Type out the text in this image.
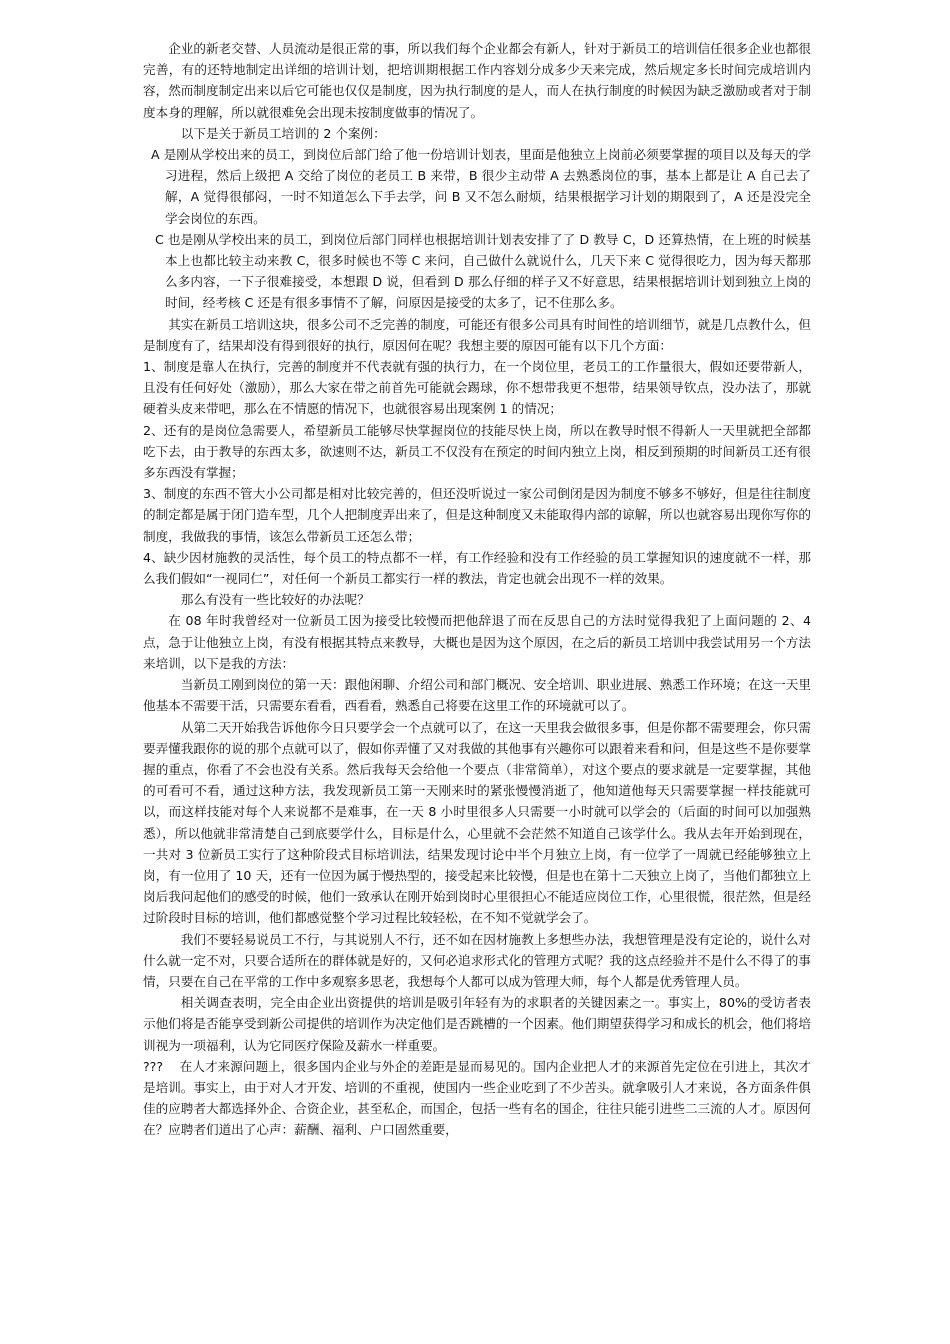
企业的新老交替、人员流动是很正常的事，所以我们每个企业都会有新人，针对于新员工的培训信任很多企业也都很完善，有的还特地制定出详细的培训计划，把培训期根据工作内容划分成多少天来完成，然后规定多长时间完成培训内容，然而制度制定出来以后它可能也仅仅是制度，因为执行制度的是人，而人在执行制度的时候因为缺乏激励或者对于制度本身的理解，所以就很难免会出现未按制度做事的情况了。

以下是关于新员工培训的 2 个案例：

A 是刚从学校出来的员工，到岗位后部门给了他一份培训计划表，里面是他独立上岗前必须要掌握的项目以及每天的学习进程，然后上级把 A 交给了岗位的老员工 B 来带，B 很少主动带 A 去熟悉岗位的事，基本上都是让 A 自己去了解，A 觉得很郁闷，一时不知道怎么下手去学，问 B 又不怎么耐烦，结果根据学习计划的期限到了，A 还是没完全学会岗位的东西。

C 也是刚从学校出来的员工，到岗位后部门同样也根据培训计划表安排了了 D 教导 C，D 还算热情，在上班的时候基本上也都比较主动来教 C，很多时候也不等 C 来问，自己做什么就说什么，几天下来 C 觉得很吃力，因为每天都那么多内容，一下子很难接受，本想跟 D 说，但看到 D 那么仔细的样子又不好意思，结果根据培训计划到独立上岗的时间，经考核 C 还是有很多事情不了解，问原因是接受的太多了，记不住那么多。

其实在新员工培训这块，很多公司不乏完善的制度，可能还有很多公司具有时间性的培训细节，就是几点教什么，但是制度有了，结果却没有得到很好的执行，原因何在呢？我想主要的原因可能有以下几个方面：

1、制度是靠人在执行，完善的制度并不代表就有强的执行力，在一个岗位里，老员工的工作量很大，假如还要带新人，且没有任何好处（激励），那么大家在带之前首先可能就会踢球，你不想带我更不想带，结果领导钦点，没办法了，那就硬着头皮来带吧，那么在不情愿的情况下，也就很容易出现案例 1 的情况；

2、还有的是岗位急需要人，希望新员工能够尽快掌握岗位的技能尽快上岗，所以在教导时恨不得新人一天里就把全部都吃下去，由于教导的东西太多，欲速则不达，新员工不仅没有在预定的时间内独立上岗，相反到预期的时间新员工还有很多东西没有掌握；

3、制度的东西不管大小公司都是相对比较完善的，但还没听说过一家公司倒闭是因为制度不够多不够好，但是往往制度的制定都是属于闭门造车型，几个人把制度弄出来了，但是这种制度又未能取得内部的谅解，所以也就容易出现你写你的制度，我做我的事情，该怎么带新员工还怎么带；

4、缺少因材施教的灵活性，每个员工的特点都不一样，有工作经验和没有工作经验的员工掌握知识的速度就不一样，那么我们假如“一视同仁”，对任何一个新员工都实行一样的教法，肯定也就会出现不一样的效果。

那么有没有一些比较好的办法呢？

在 08 年时我曾经对一位新员工因为接受比较慢而把他辞退了而在反思自己的方法时觉得我犯了上面问题的 2、4 点，急于让他独立上岗，有没有根据其特点来教导，大概也是因为这个原因，在之后的新员工培训中我尝试用另一个方法来培训，以下是我的方法：

当新员工刚到岗位的第一天：跟他闲聊、介绍公司和部门概况、安全培训、职业进展、熟悉工作环境；在这一天里他基本不需要干活，只需要东看看，西看看，熟悉自己将要在这里工作的环境就可以了。

从第二天开始我告诉他你今日只要学会一个点就可以了，在这一天里我会做很多事，但是你都不需要理会，你只需要弄懂我跟你的说的那个点就可以了，假如你弄懂了又对我做的其他事有兴趣你可以跟着来看和问，但是这些不是你要掌握的重点，你看了不会也没有关系。然后我每天会给他一个要点（非常简单），对这个要点的要求就是一定要掌握，其他的可看可不看，通过这种方法，我发现新员工第一天刚来时的紧张慢慢消逝了，他知道他每天只需要掌握一样技能就可以，而这样技能对每个人来说都不是难事，在一天 8 小时里很多人只需要一小时就可以学会的（后面的时间可以加强熟悉），所以他就非常清楚自己到底要学什么，目标是什么，心里就不会茫然不知道自己该学什么。我从去年开始到现在，一共对 3 位新员工实行了这种阶段式目标培训法，结果发现讨论中半个月独立上岗，有一位学了一周就已经能够独立上岗，有一位用了 10 天，还有一位因为属于慢热型的，接受起来比较慢，但是也在第十二天独立上岗了，当他们都独立上岗后我问起他们的感受的时候，他们一致承认在刚开始到岗时心里很担心不能适应岗位工作，心里很慌，很茫然，但是经过阶段时目标的培训，他们都感觉整个学习过程比较轻松，在不知不觉就学会了。

我们不要轻易说员工不行，与其说别人不行，还不如在因材施教上多想些办法，我想管理是没有定论的，说什么对什么就一定不对，只要合适所在的群体就是好的，又何必追求形式化的管理方式呢？我的这点经验并不是什么不得了的事情，只要在自己在平常的工作中多观察多思老，我想每个人都可以成为管理大师，每个人都是优秀管理人员。

相关调查表明，完全由企业出资提供的培训是吸引年轻有为的求职者的关键因素之一。事实上，80%的受访者表示他们将是否能享受到新公司提供的培训作为决定他们是否跳槽的一个因素。他们期望获得学习和成长的机会，他们将培训视为一项福利，认为它同医疗保险及薪水一样重要。

???　 在人才来源问题上，很多国内企业与外企的差距是显而易见的。国内企业把人才的来源首先定位在引进上，其次才是培训。事实上，由于对人才开发、培训的不重视，使国内一些企业吃到了不少苦头。就拿吸引人才来说，各方面条件俱佳的应聘者大都选择外企、合资企业，甚至私企，而国企，包括一些有名的国企，往往只能引进些二三流的人才。原因何在？应聘者们道出了心声：薪酬、福利、户口固然重要，
